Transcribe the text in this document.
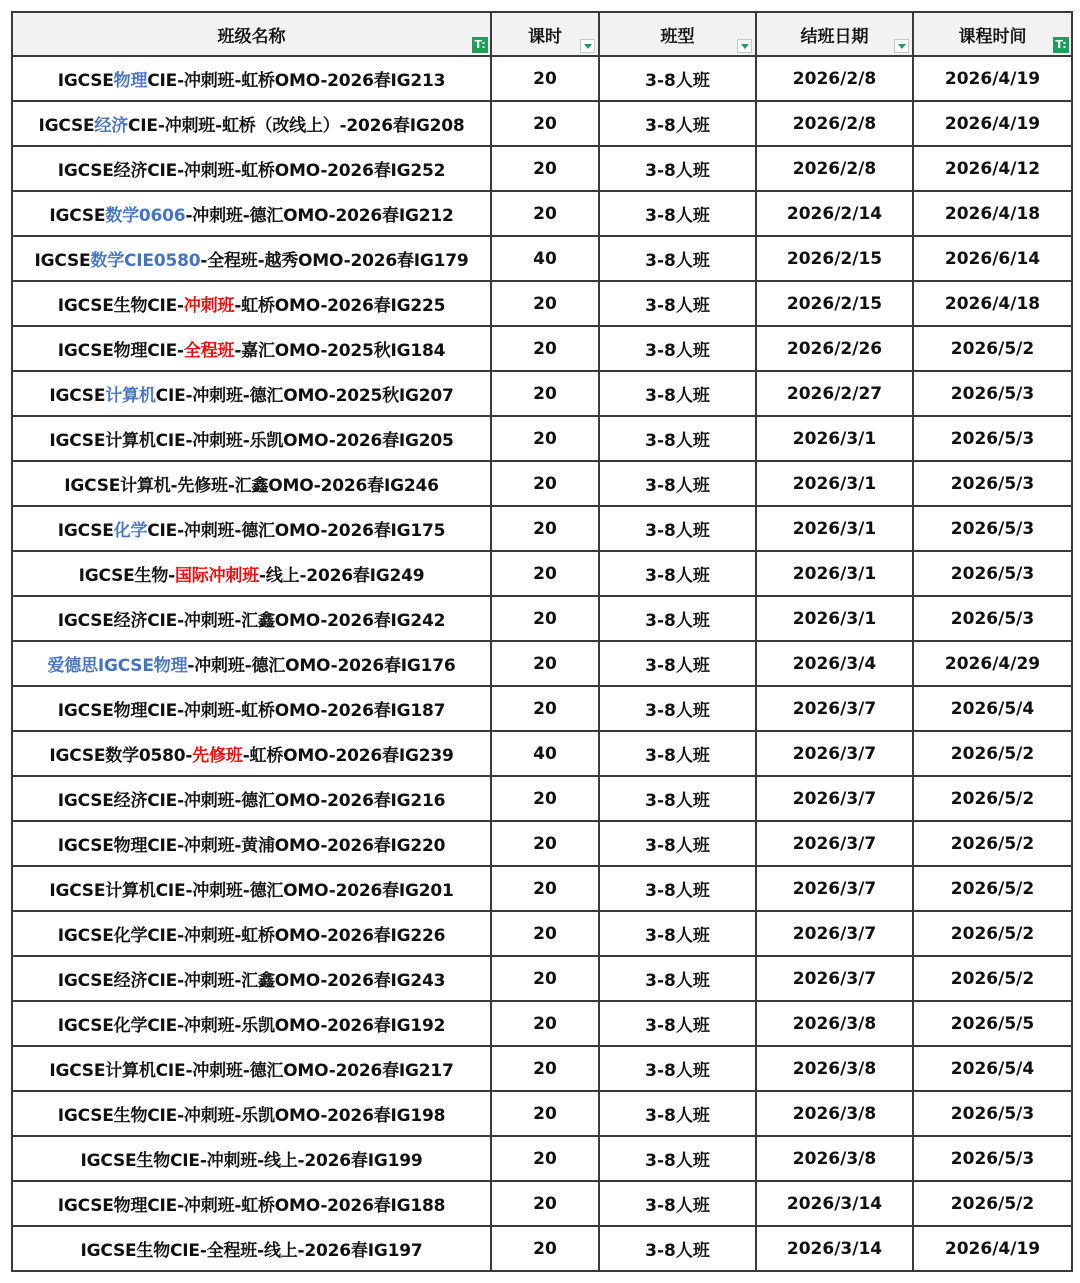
班级名称 T:	课时	班型	结班日期	课程时间 T:

IGCSE物理CIE-冲刺班-虹桥OMO-2026春IG213	20	3-8人班	2026/2/8	2026/4/19
IGCSE经济CIE-冲刺班-虹桥（改线上）-2026春IG208	20	3-8人班	2026/2/8	2026/4/19
IGCSE经济CIE-冲刺班-虹桥OMO-2026春IG252	20	3-8人班	2026/2/8	2026/4/12
IGCSE数学0606-冲刺班-德汇OMO-2026春IG212	20	3-8人班	2026/2/14	2026/4/18
IGCSE数学CIE0580-全程班-越秀OMO-2026春IG179	40	3-8人班	2026/2/15	2026/6/14
IGCSE生物CIE-冲刺班-虹桥OMO-2026春IG225	20	3-8人班	2026/2/15	2026/4/18
IGCSE物理CIE-全程班-嘉汇OMO-2025秋IG184	20	3-8人班	2026/2/26	2026/5/2
IGCSE计算机CIE-冲刺班-德汇OMO-2025秋IG207	20	3-8人班	2026/2/27	2026/5/3
IGCSE计算机CIE-冲刺班-乐凯OMO-2026春IG205	20	3-8人班	2026/3/1	2026/5/3
IGCSE计算机-先修班-汇鑫OMO-2026春IG246	20	3-8人班	2026/3/1	2026/5/3
IGCSE化学CIE-冲刺班-德汇OMO-2026春IG175	20	3-8人班	2026/3/1	2026/5/3
IGCSE生物-国际冲刺班-线上-2026春IG249	20	3-8人班	2026/3/1	2026/5/3
IGCSE经济CIE-冲刺班-汇鑫OMO-2026春IG242	20	3-8人班	2026/3/1	2026/5/3
爱德思IGCSE物理-冲刺班-德汇OMO-2026春IG176	20	3-8人班	2026/3/4	2026/4/29
IGCSE物理CIE-冲刺班-虹桥OMO-2026春IG187	20	3-8人班	2026/3/7	2026/5/4
IGCSE数学0580-先修班-虹桥OMO-2026春IG239	40	3-8人班	2026/3/7	2026/5/2
IGCSE经济CIE-冲刺班-德汇OMO-2026春IG216	20	3-8人班	2026/3/7	2026/5/2
IGCSE物理CIE-冲刺班-黄浦OMO-2026春IG220	20	3-8人班	2026/3/7	2026/5/2
IGCSE计算机CIE-冲刺班-德汇OMO-2026春IG201	20	3-8人班	2026/3/7	2026/5/2
IGCSE化学CIE-冲刺班-虹桥OMO-2026春IG226	20	3-8人班	2026/3/7	2026/5/2
IGCSE经济CIE-冲刺班-汇鑫OMO-2026春IG243	20	3-8人班	2026/3/7	2026/5/2
IGCSE化学CIE-冲刺班-乐凯OMO-2026春IG192	20	3-8人班	2026/3/8	2026/5/5
IGCSE计算机CIE-冲刺班-德汇OMO-2026春IG217	20	3-8人班	2026/3/8	2026/5/4
IGCSE生物CIE-冲刺班-乐凯OMO-2026春IG198	20	3-8人班	2026/3/8	2026/5/3
IGCSE生物CIE-冲刺班-线上-2026春IG199	20	3-8人班	2026/3/8	2026/5/3
IGCSE物理CIE-冲刺班-虹桥OMO-2026春IG188	20	3-8人班	2026/3/14	2026/5/2
IGCSE生物CIE-全程班-线上-2026春IG197	20	3-8人班	2026/3/14	2026/4/19
